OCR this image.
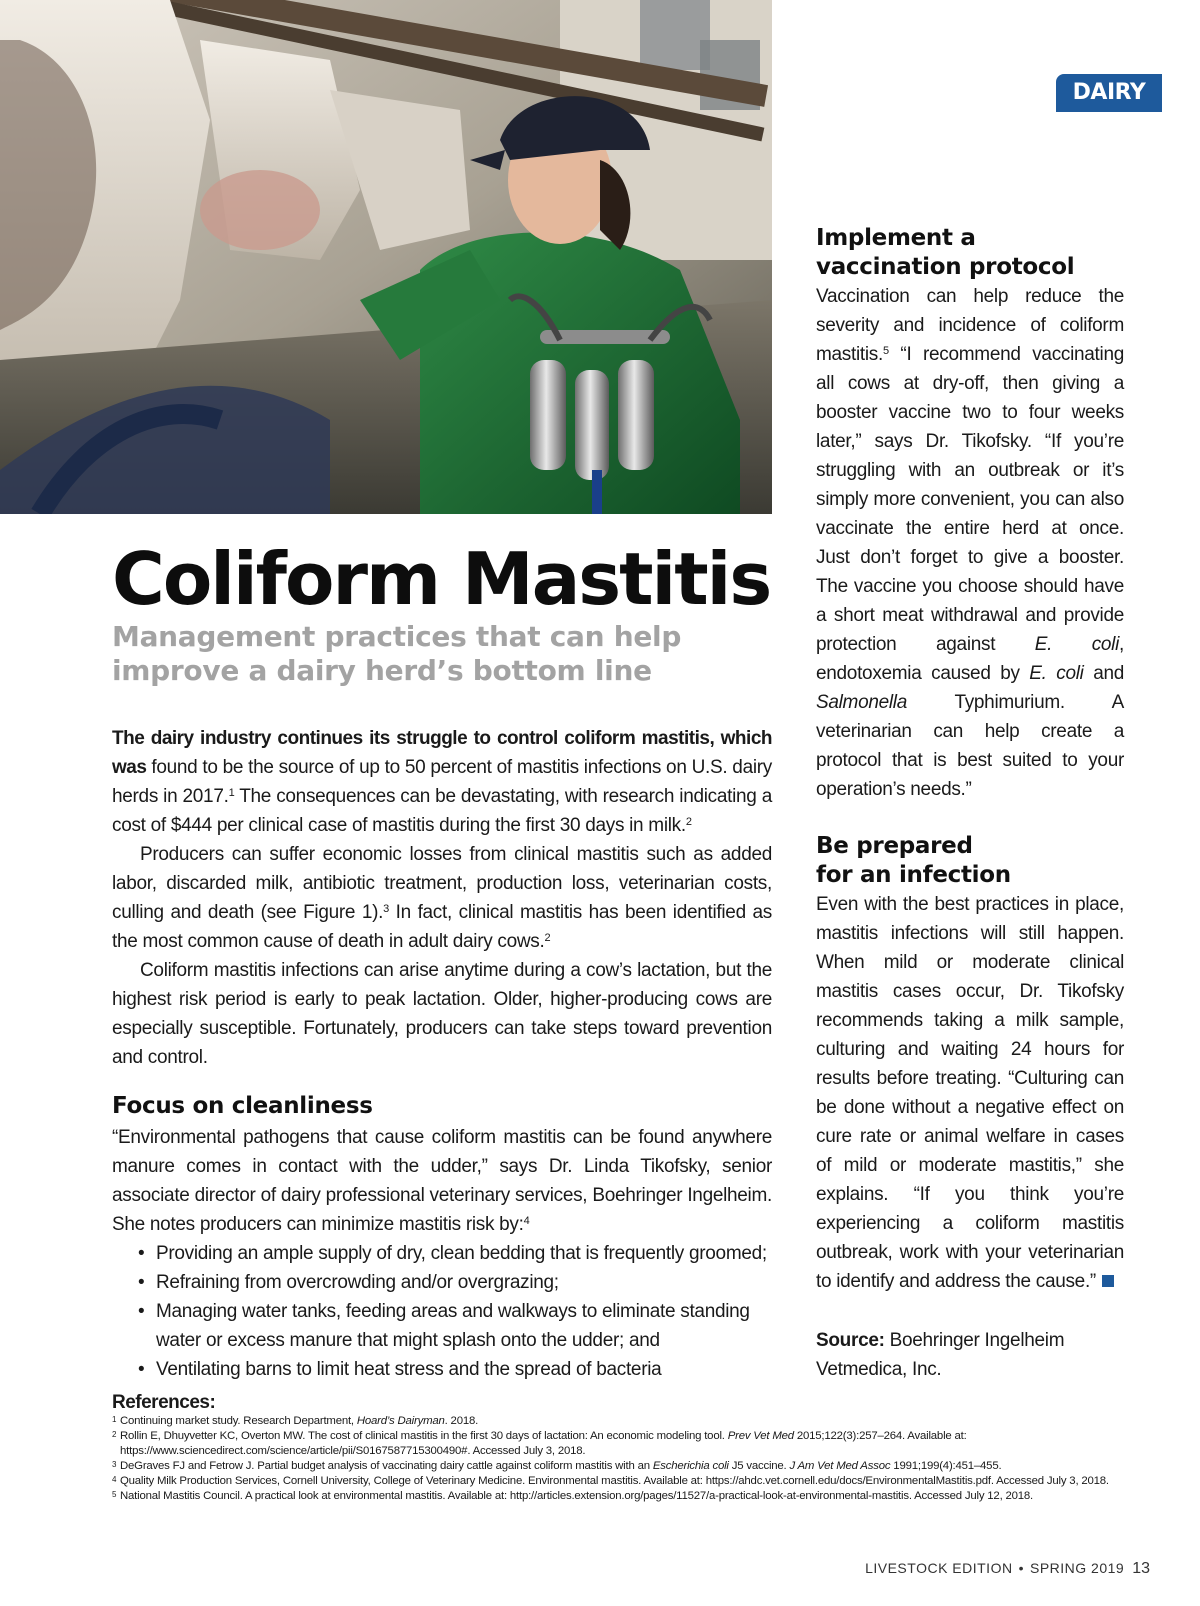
DAIRY
Coliform Mastitis
Management practices that can help improve a dairy herd’s bottom line

The dairy industry continues its struggle to control coliform mastitis, which was found to be the source of up to 50 percent of mastitis infections on U.S. dairy herds in 2017.$^1$ The consequences can be devastating, with research indicating a cost of $444 per clinical case of mastitis during the first 30 days in milk.$^2$

Producers can suffer economic losses from clinical mastitis such as added labor, discarded milk, antibiotic treatment, production loss, veterinarian costs, culling and death (see Figure 1).$^3$ In fact, clinical mastitis has been identified as the most common cause of death in adult dairy cows.$^2$

Coliform mastitis infections can arise anytime during a cow’s lactation, but the highest risk period is early to peak lactation. Older, higher-producing cows are especially susceptible. Fortunately, producers can take steps toward prevention and control.

Focus on cleanliness

“Environmental pathogens that cause coliform mastitis can be found anywhere manure comes in contact with the udder,” says Dr. Linda Tikofsky, senior associate director of dairy professional veterinary services, Boehringer Ingelheim. She notes producers can minimize mastitis risk by:$^4$

• Providing an ample supply of dry, clean bedding that is frequently groomed;
• Refraining from overcrowding and/or overgrazing;
• Managing water tanks, feeding areas and walkways to eliminate standing water or excess manure that might splash onto the udder; and
• Ventilating barns to limit heat stress and the spread of bacteria
Implement a
vaccination protocol

Vaccination can help reduce the severity and incidence of coliform mastitis.$^5$ “I recommend vaccinating all cows at dry-off, then giving a booster vaccine two to four weeks later,” says Dr. Tikofsky. “If you’re struggling with an outbreak or it’s simply more convenient, you can also vaccinate the entire herd at once. Just don’t forget to give a booster. The vaccine you choose should have a short meat withdrawal and provide protection against E. coli, endotoxemia caused by E. coli and Salmonella Typhimurium. A veterinarian can help create a protocol that is best suited to your operation’s needs.”

Be prepared
for an infection

Even with the best practices in place, mastitis infections will still happen. When mild or moderate clinical mastitis cases occur, Dr. Tikofsky recommends taking a milk sample, culturing and waiting 24 hours for results before treating. “Culturing can be done without a negative effect on cure rate or animal welfare in cases of mild or moderate mastitis,” she explains. “If you think you’re experiencing a coliform mastitis outbreak, work with your veterinarian to identify and address the cause.”

Source: Boehringer Ingelheim Vetmedica, Inc.

References:
1 Continuing market study. Research Department, Hoard’s Dairyman. 2018.
2 Rollin E, Dhuyvetter KC, Overton MW. The cost of clinical mastitis in the first 30 days of lactation: An economic modeling tool. Prev Vet Med 2015;122(3):257–264. Available at: https://www.sciencedirect.com/science/article/pii/S016758771530049​0#. Accessed July 3, 2018.
3 DeGraves FJ and Fetrow J. Partial budget analysis of vaccinating dairy cattle against coliform mastitis with an Escherichia coli J5 vaccine. J Am Vet Med Assoc 1991;199(4):451–455.
4 Quality Milk Production Services, Cornell University, College of Veterinary Medicine. Environmental mastitis. Available at: https://ahdc.vet.cornell.edu/docs/EnvironmentalMastitis.pdf. Accessed July 3, 2018.
5 National Mastitis Council. A practical look at environmental mastitis. Available at: http://articles.extension.org/pages/11527/a-practical-look-at-environmental-mastitis. Accessed July 12, 2018.
LIVESTOCK EDITION • SPRING 2019 13
